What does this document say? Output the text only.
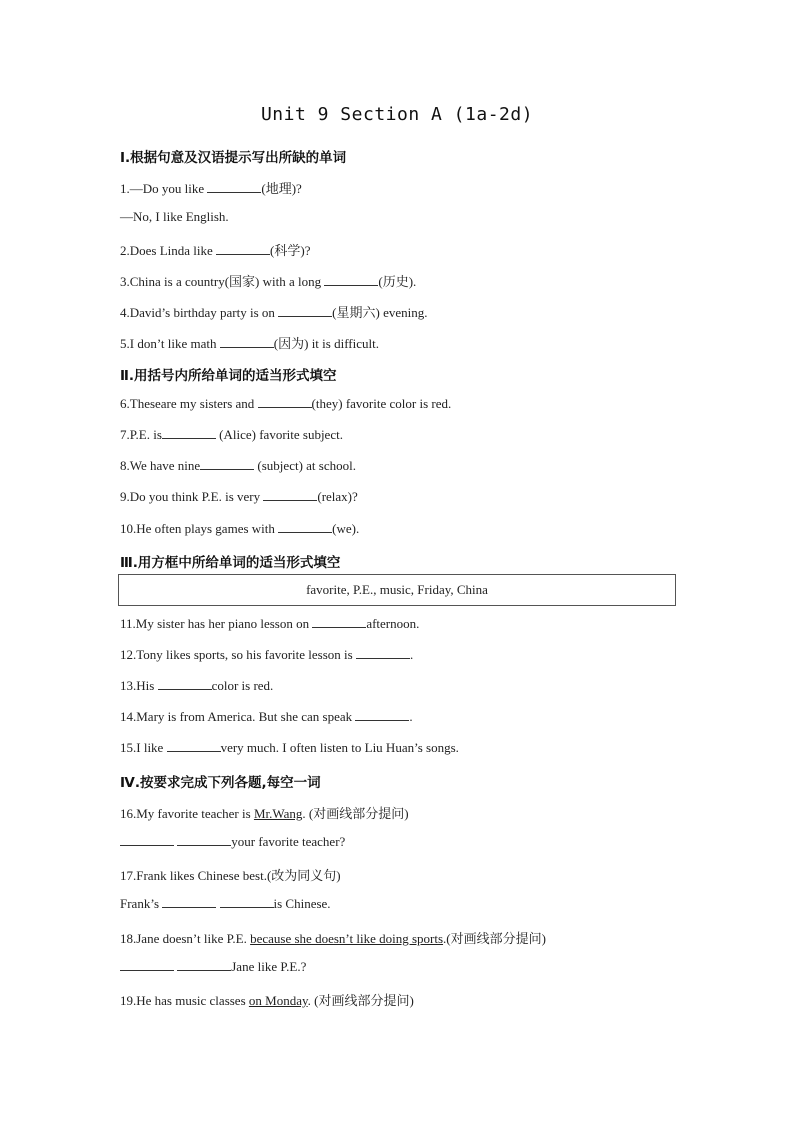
Unit 9 Section A (1a-2d)
Ⅰ.根据句意及汉语提示写出所缺的单词
1.—Do you like	(地理)?
—No, I like English.
2.Does Linda like	(科学)?
3.China is a country(国家) with a long	(历史).
4.David’s birthday party is on	(星期六) evening.
5.I don’t like math	(因为) it is difficult.
Ⅱ.用括号内所给单词的适当形式填空
6.Theseare my sisters and	(they) favorite color is red.
7.P.E. is	(Alice) favorite subject.
8.We have nine	(subject) at school.
9.Do you think P.E. is very	(relax)?
10.He often plays games with	(we).
Ⅲ.用方框中所给单词的适当形式填空
favorite, P.E., music, Friday, China
11.My sister has her piano lesson on	afternoon.
12.Tony likes sports, so his favorite lesson is	.
13.His	color is red.
14.Mary is from America. But she can speak	.
15.I like	very much. I often listen to Liu Huan’s songs.
Ⅳ.按要求完成下列各题,每空一词
16.My favorite teacher is Mr.Wang. (对画线部分提问)
your favorite teacher?
17.Frank likes Chinese best.(改为同义句)
Frank’s	is Chinese.
18.Jane doesn’t like P.E. because she doesn’t like doing sports.(对画线部分提问)
Jane like P.E.?
19.He has music classes on Monday. (对画线部分提问)
